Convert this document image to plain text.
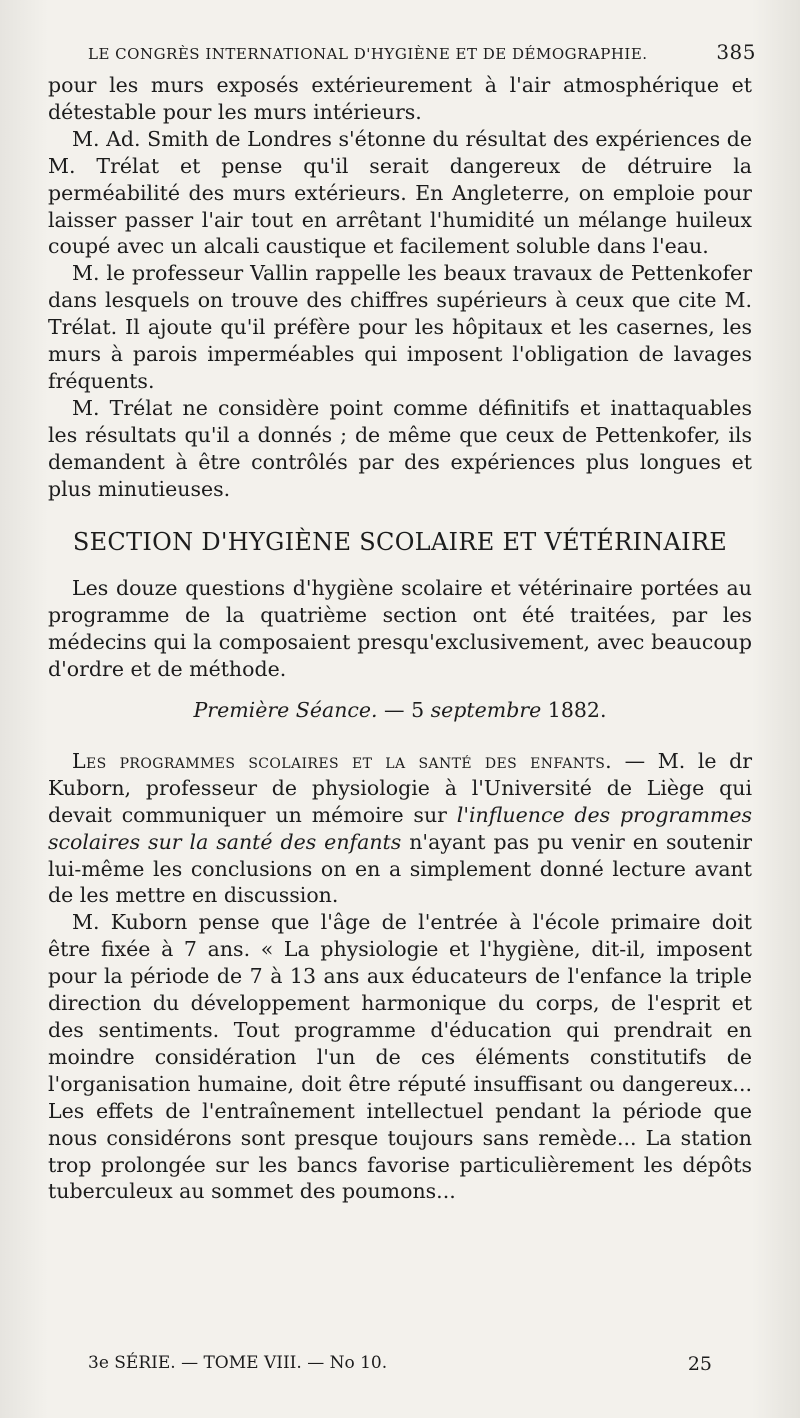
LE CONGRÈS INTERNATIONAL D'HYGIÈNE ET DE DÉMOGRAPHIE.	385

pour les murs exposés extérieurement à l'air atmosphérique et détestable pour les murs intérieurs.

M. Ad. Smith de Londres s'étonne du résultat des expériences de M. Trélat et pense qu'il serait dangereux de détruire la perméabilité des murs extérieurs. En Angleterre, on emploie pour laisser passer l'air tout en arrêtant l'humidité un mélange huileux coupé avec un alcali caustique et facilement soluble dans l'eau.

M. le professeur Vallin rappelle les beaux travaux de Pettenkofer dans lesquels on trouve des chiffres supérieurs à ceux que cite M. Trélat. Il ajoute qu'il préfère pour les hôpitaux et les casernes, les murs à parois imperméables qui imposent l'obligation de lavages fréquents.

M. Trélat ne considère point comme définitifs et inattaquables les résultats qu'il a donnés ; de même que ceux de Pettenkofer, ils demandent à être contrôlés par des expériences plus longues et plus minutieuses.

SECTION D'HYGIÈNE SCOLAIRE ET VÉTÉRINAIRE

Les douze questions d'hygiène scolaire et vétérinaire portées au programme de la quatrième section ont été traitées, par les médecins qui la composaient presqu'exclusivement, avec beaucoup d'ordre et de méthode.

Première Séance. — 5 septembre 1882.

Les programmes scolaires et la santé des enfants. — M. le dr Kuborn, professeur de physiologie à l'Université de Liège qui devait communiquer un mémoire sur l'influence des programmes scolaires sur la santé des enfants n'ayant pas pu venir en soutenir lui-même les conclusions on en a simplement donné lecture avant de les mettre en discussion.

M. Kuborn pense que l'âge de l'entrée à l'école primaire doit être fixée à 7 ans. « La physiologie et l'hygiène, dit-il, imposent pour la période de 7 à 13 ans aux éducateurs de l'enfance la triple direction du développement harmonique du corps, de l'esprit et des sentiments. Tout programme d'éducation qui prendrait en moindre considération l'un de ces éléments constitutifs de l'organisation humaine, doit être réputé insuffisant ou dangereux... Les effets de l'entraînement intellectuel pendant la période que nous considérons sont presque toujours sans remède... La station trop prolongée sur les bancs favorise particulièrement les dépôts tuberculeux au sommet des poumons...

3e SÉRIE. — TOME VIII. — No 10.	25
